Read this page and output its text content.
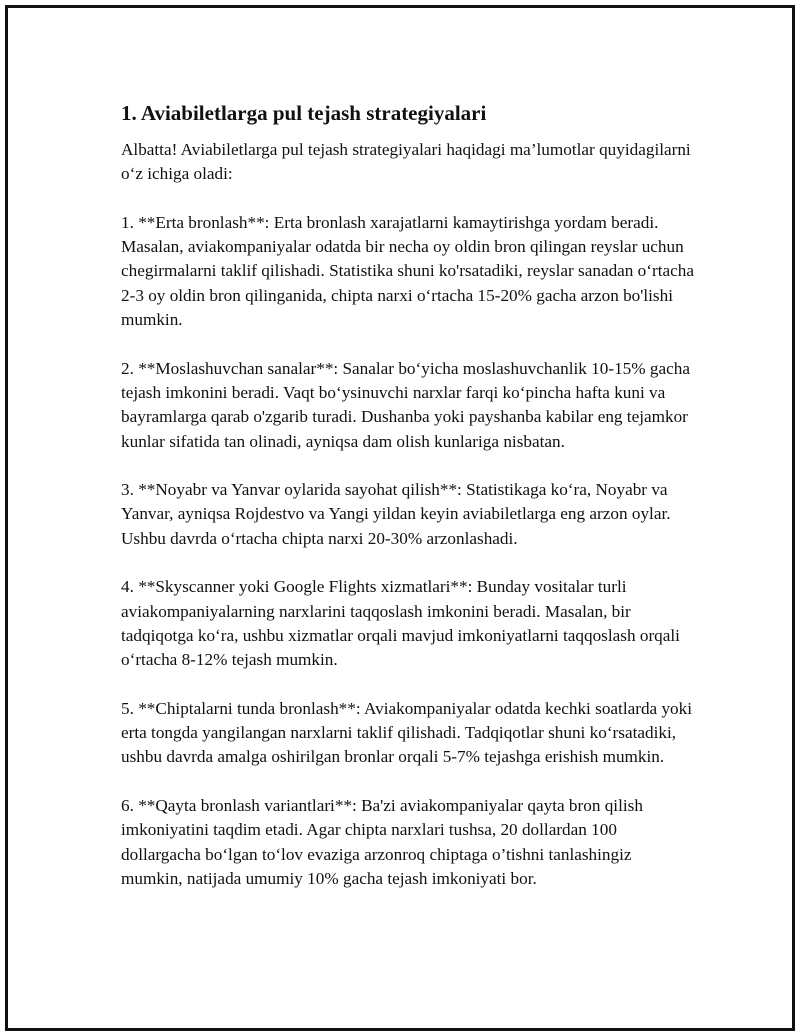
1. Aviabiletlarga pul tejash strategiyalari

Albatta! Aviabiletlarga pul tejash strategiyalari haqidagi ma’lumotlar quyidagilarni o‘z ichiga oladi:

1. **Erta bronlash**: Erta bronlash xarajatlarni kamaytirishga yordam beradi. Masalan, aviakompaniyalar odatda bir necha oy oldin bron qilingan reyslar uchun chegirmalarni taklif qilishadi. Statistika shuni ko'rsatadiki, reyslar sanadan o‘rtacha 2-3 oy oldin bron qilinganida, chipta narxi o‘rtacha 15-20% gacha arzon bo'lishi mumkin.

2. **Moslashuvchan sanalar**: Sanalar bo‘yicha moslashuvchanlik 10-15% gacha tejash imkonini beradi. Vaqt bo‘ysinuvchi narxlar farqi ko‘pincha hafta kuni va bayramlarga qarab o'zgarib turadi. Dushanba yoki payshanba kabilar eng tejamkor kunlar sifatida tan olinadi, ayniqsa dam olish kunlariga nisbatan.

3. **Noyabr va Yanvar oylarida sayohat qilish**: Statistikaga ko‘ra, Noyabr va Yanvar, ayniqsa Rojdestvo va Yangi yildan keyin aviabiletlarga eng arzon oylar. Ushbu davrda o‘rtacha chipta narxi 20-30% arzonlashadi.

4. **Skyscanner yoki Google Flights xizmatlari**: Bunday vositalar turli aviakompaniyalarning narxlarini taqqoslash imkonini beradi. Masalan, bir tadqiqotga ko‘ra, ushbu xizmatlar orqali mavjud imkoniyatlarni taqqoslash orqali o‘rtacha 8-12% tejash mumkin.

5. **Chiptalarni tunda bronlash**: Aviakompaniyalar odatda kechki soatlarda yoki erta tongda yangilangan narxlarni taklif qilishadi. Tadqiqotlar shuni ko‘rsatadiki, ushbu davrda amalga oshirilgan bronlar orqali 5-7% tejashga erishish mumkin.

6. **Qayta bronlash variantlari**: Ba'zi aviakompaniyalar qayta bron qilish imkoniyatini taqdim etadi. Agar chipta narxlari tushsa, 20 dollardan 100 dollargacha bo‘lgan to‘lov evaziga arzonroq chiptaga o’tishni tanlashingiz mumkin, natijada umumiy 10% gacha tejash imkoniyati bor.
